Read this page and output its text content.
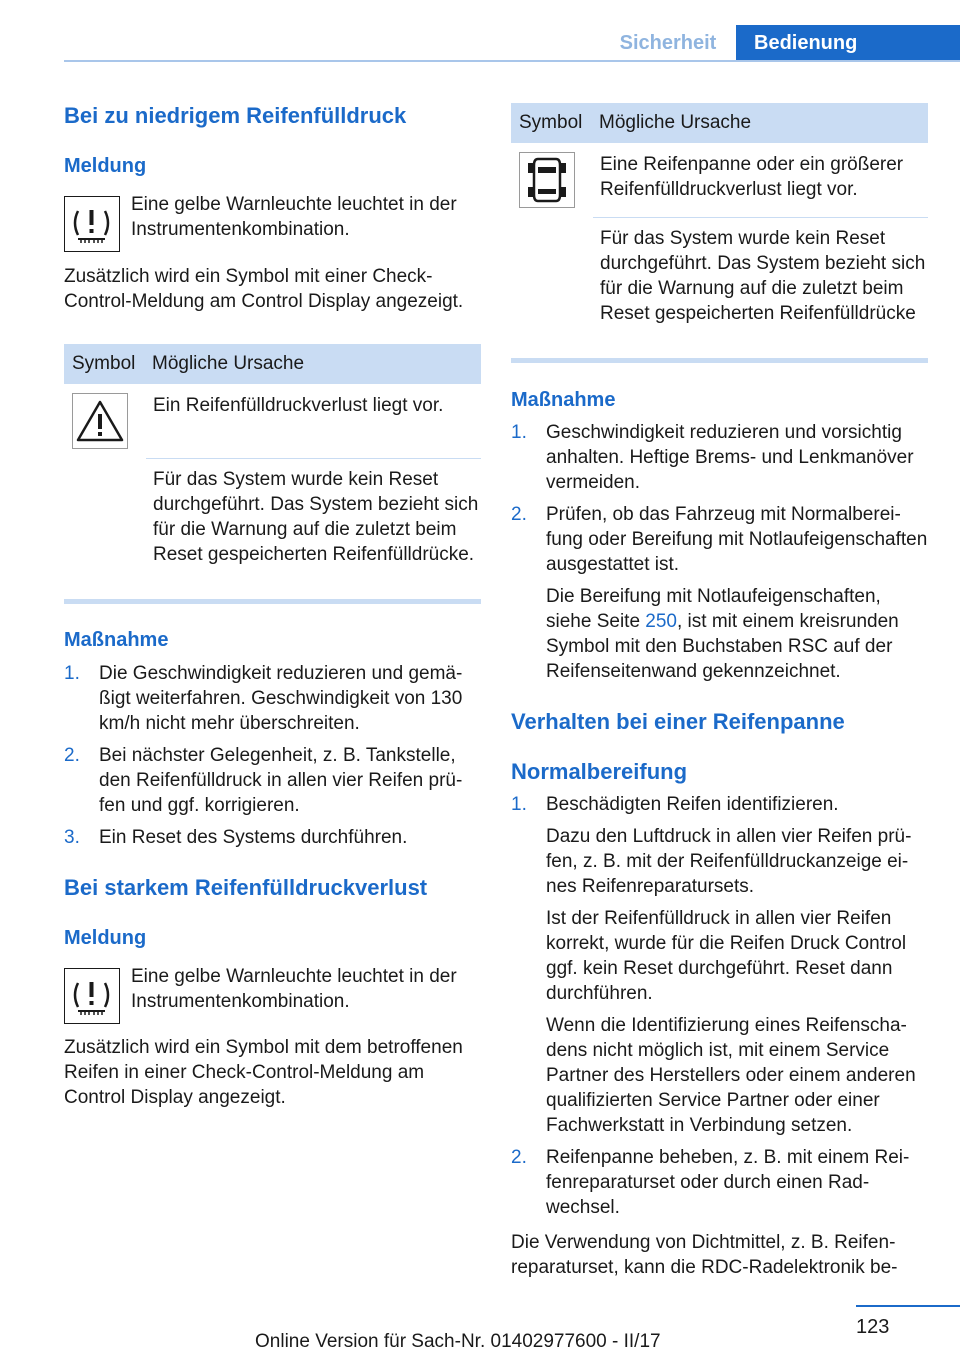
Sicherheit	Bedienung
Bei zu niedrigem Reifenfülldruck
Meldung
Eine gelbe Warnleuchte leuchtet in der Instrumentenkombination.
Zusätzlich wird ein Symbol mit einer Check-Control-Meldung am Control Display angezeigt.
Symbol Mögliche Ursache
Ein Reifenfülldruckverlust liegt vor.
Für das System wurde kein Reset durchgeführt. Das System bezieht sich für die Warnung auf die zuletzt beim Reset gespeicherten Reifenfülldrücke.
Maßnahme
1. Die Geschwindigkeit reduzieren und gemäßigt weiterfahren. Geschwindigkeit von 130 km/h nicht mehr überschreiten.
2. Bei nächster Gelegenheit, z. B. Tankstelle, den Reifenfülldruck in allen vier Reifen prüfen und ggf. korrigieren.
3. Ein Reset des Systems durchführen.
Bei starkem Reifenfülldruckverlust
Meldung
Eine gelbe Warnleuchte leuchtet in der Instrumentenkombination.
Zusätzlich wird ein Symbol mit dem betroffenen Reifen in einer Check-Control-Meldung am Control Display angezeigt.
Symbol Mögliche Ursache
Eine Reifenpanne oder ein größerer Reifenfülldruckverlust liegt vor.
Für das System wurde kein Reset durchgeführt. Das System bezieht sich für die Warnung auf die zuletzt beim Reset gespeicherten Reifenfülldrücke
Maßnahme
1. Geschwindigkeit reduzieren und vorsichtig anhalten. Heftige Brems- und Lenkmanöver vermeiden.
2. Prüfen, ob das Fahrzeug mit Normalbereifung oder Bereifung mit Notlaufeigenschaften ausgestattet ist.
Die Bereifung mit Notlaufeigenschaften, siehe Seite 250, ist mit einem kreisrunden Symbol mit den Buchstaben RSC auf der Reifenseitenwand gekennzeichnet.
Verhalten bei einer Reifenpanne
Normalbereifung
1. Beschädigten Reifen identifizieren.
Dazu den Luftdruck in allen vier Reifen prüfen, z. B. mit der Reifenfülldruckanzeige eines Reifenreparatursets.
Ist der Reifenfülldruck in allen vier Reifen korrekt, wurde für die Reifen Druck Control ggf. kein Reset durchgeführt. Reset dann durchführen.
Wenn die Identifizierung eines Reifenschadens nicht möglich ist, mit einem Service Partner des Herstellers oder einem anderen qualifizierten Service Partner oder einer Fachwerkstatt in Verbindung setzen.
2. Reifenpanne beheben, z. B. mit einem Reifenreparaturset oder durch einen Radwechsel.
Die Verwendung von Dichtmittel, z. B. Reifenreparaturset, kann die RDC-Radelektronik be-
123
Online Version für Sach-Nr. 01402977600 - II/17
